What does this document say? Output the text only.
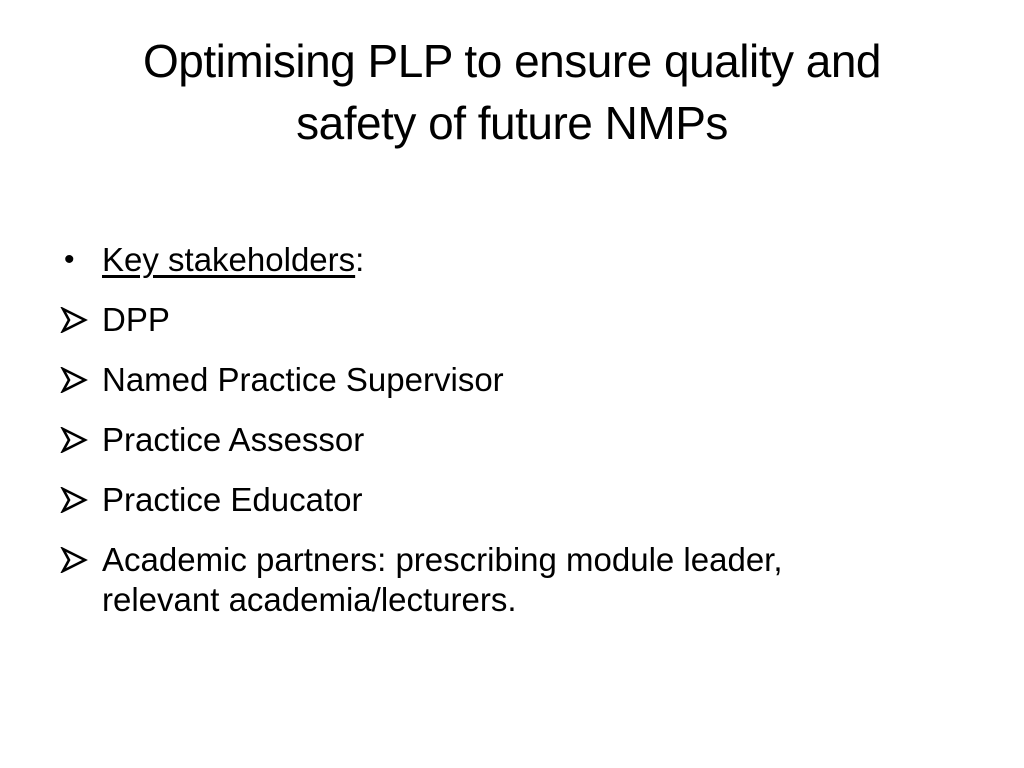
Optimising PLP to ensure quality and
safety of future NMPs
• Key stakeholders:
DPP
Named Practice Supervisor
Practice Assessor
Practice Educator
Academic partners: prescribing module leader,
relevant academia/lecturers.
